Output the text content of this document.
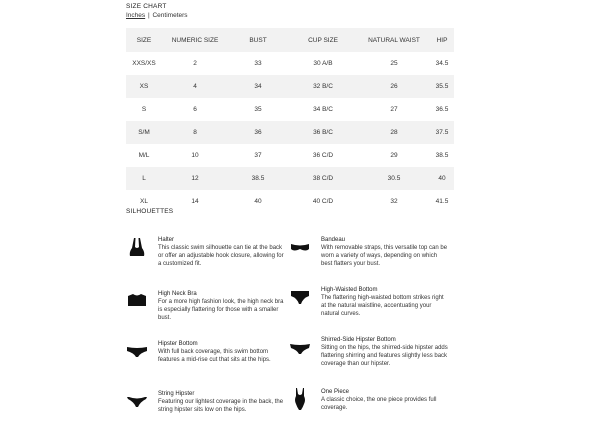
SIZE CHART
Inches | Centimeters
SIZE	NUMERIC SIZE	BUST	CUP SIZE	NATURAL WAIST	HIP
XXS/XS	2	33	30 A/B	25	34.5
XS	4	34	32 B/C	26	35.5
S	6	35	34 B/C	27	36.5
S/M	8	36	36 B/C	28	37.5
M/L	10	37	36 C/D	29	38.5
L	12	38.5	38 C/D	30.5	40
XL	14	40	40 C/D	32	41.5
SILHOUETTES
Halter
This classic swim silhouette can tie at the back or offer an adjustable hook closure, allowing for a customized fit.
Bandeau
With removable straps, this versatile top can be worn a variety of ways, depending on which best flatters your bust.
High Neck Bra
For a more high fashion look, the high neck bra is especially flattering for those with a smaller bust.
High-Waisted Bottom
The flattering high-waisted bottom strikes right at the natural waistline, accentuating your natural curves.
Hipster Bottom
With full back coverage, this swim bottom features a mid-rise cut that sits at the hips.
Shirred-Side Hipster Bottom
Sitting on the hips, the shirred-side hipster adds flattering shirring and features slightly less back coverage than our hipster.
String Hipster
Featuring our lightest coverage in the back, the string hipster sits low on the hips.
One Piece
A classic choice, the one piece provides full coverage.
